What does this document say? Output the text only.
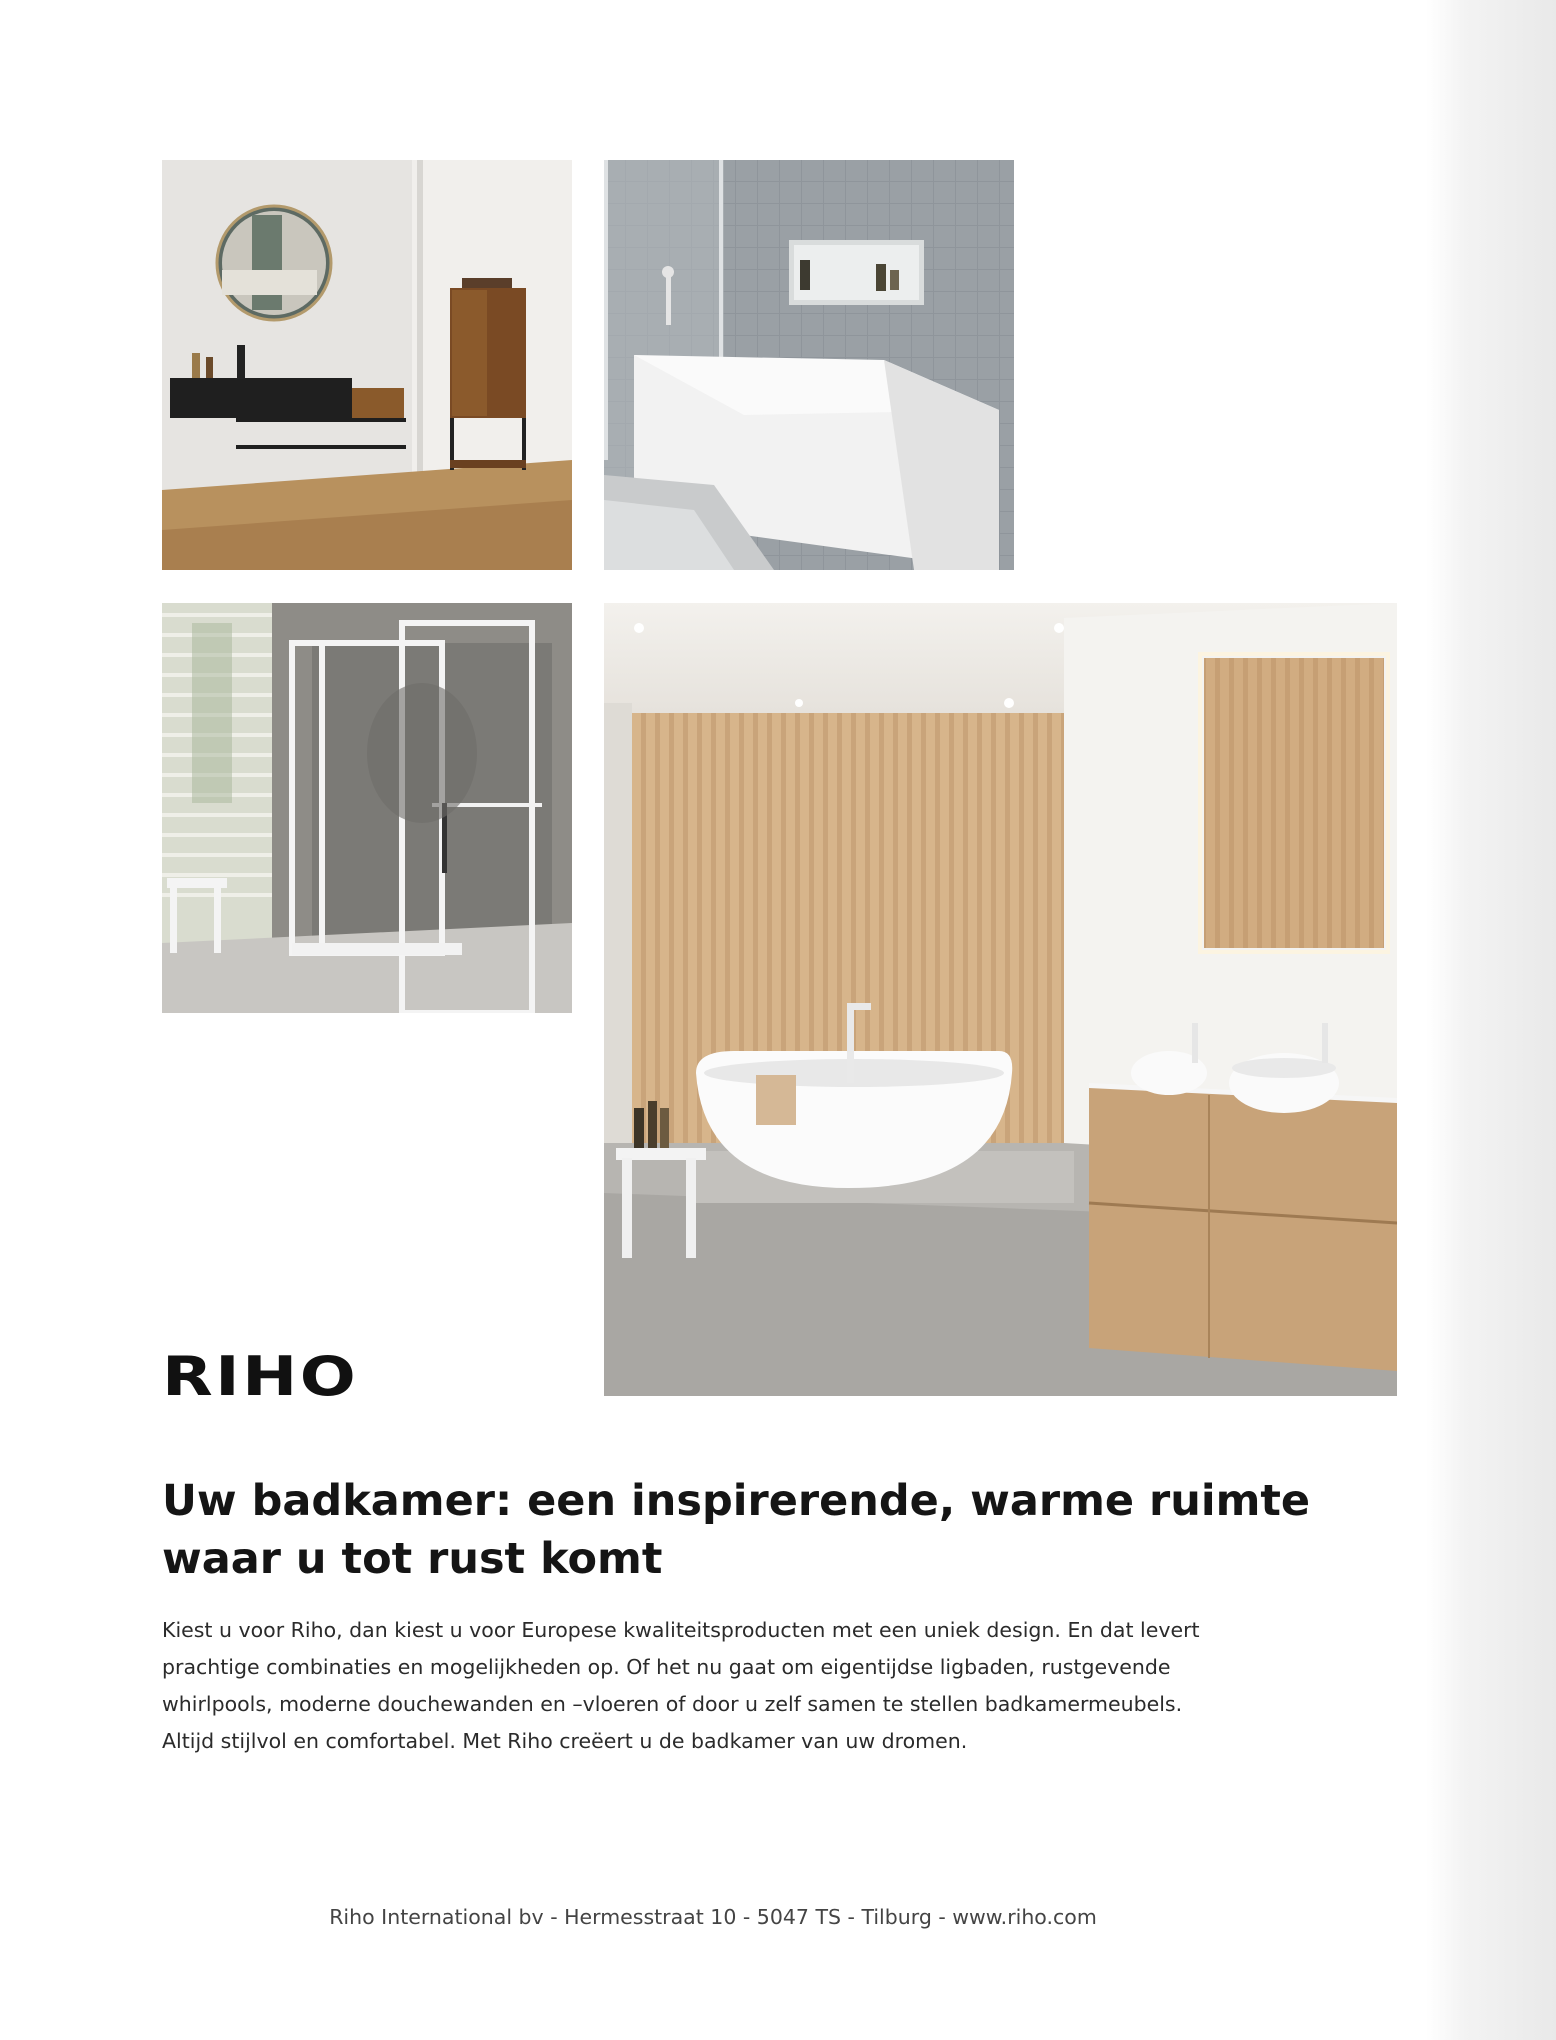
RIHO
Uw badkamer: een inspirerende, warme ruimte
waar u tot rust komt
Kiest u voor Riho, dan kiest u voor Europese kwaliteitsproducten met een uniek design. En dat levert
prachtige combinaties en mogelijkheden op. Of het nu gaat om eigentijdse ligbaden, rustgevende
whirlpools, moderne douchewanden en –vloeren of door u zelf samen te stellen badkamermeubels.
Altijd stijlvol en comfortabel. Met Riho creëert u de badkamer van uw dromen.
Riho International bv - Hermesstraat 10 - 5047 TS - Tilburg - www.riho.com
